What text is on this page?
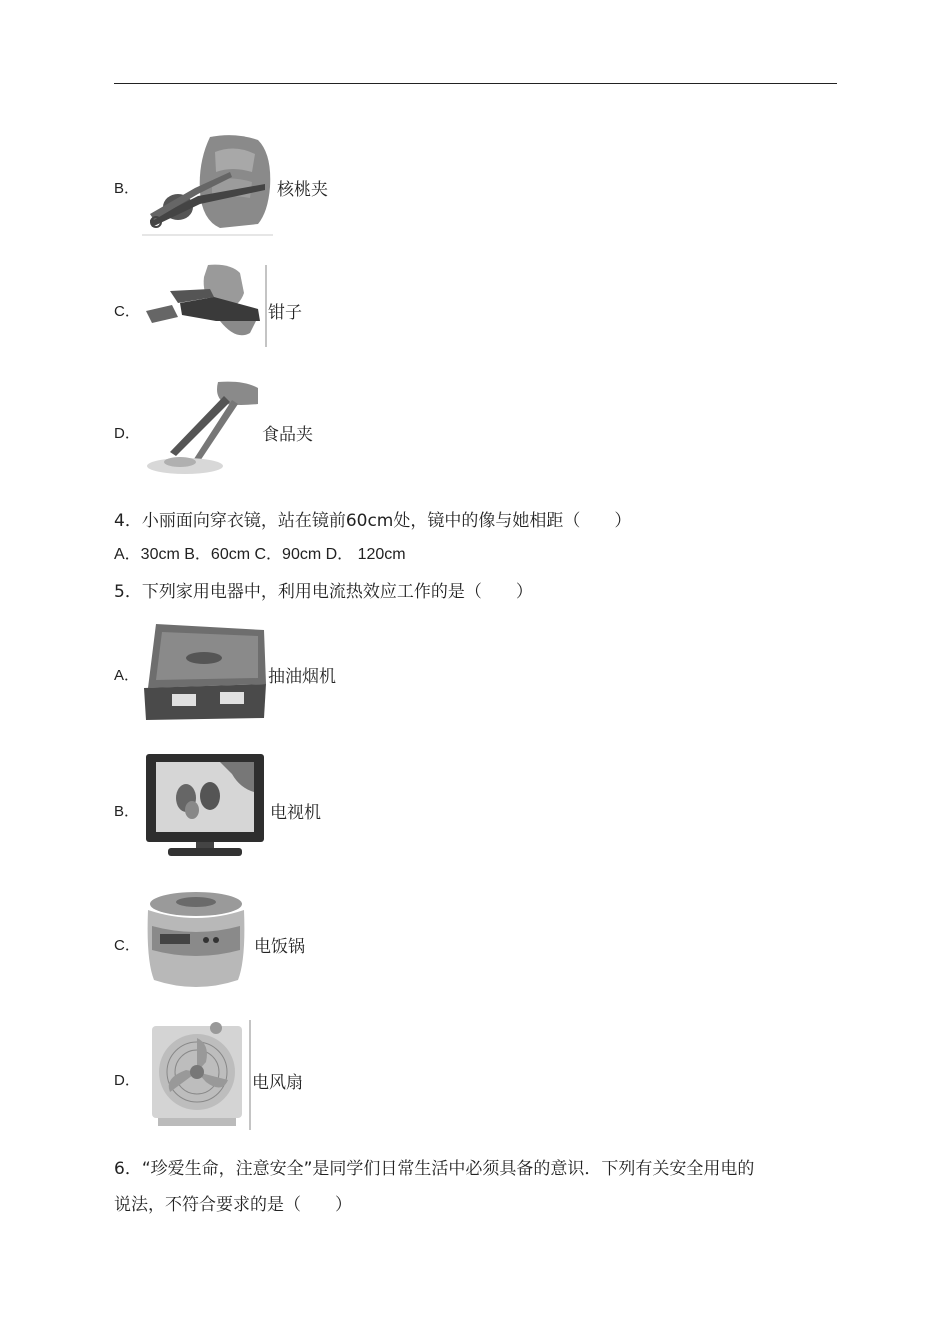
B．	核桃夹
C．	钳子
D．	食品夹
4．小丽面向穿衣镜，站在镜前60cm处，镜中的像与她相距（　　）
A．30cm B．60cm C．90cm D． 120cm
5．下列家用电器中，利用电流热效应工作的是（　　）
A．	抽油烟机
B．	电视机
C．	电饭锅
D．	电风扇
6．“珍爱生命，注意安全”是同学们日常生活中必须具备的意识．下列有关安全用电的
说法，不符合要求的是（　　）
